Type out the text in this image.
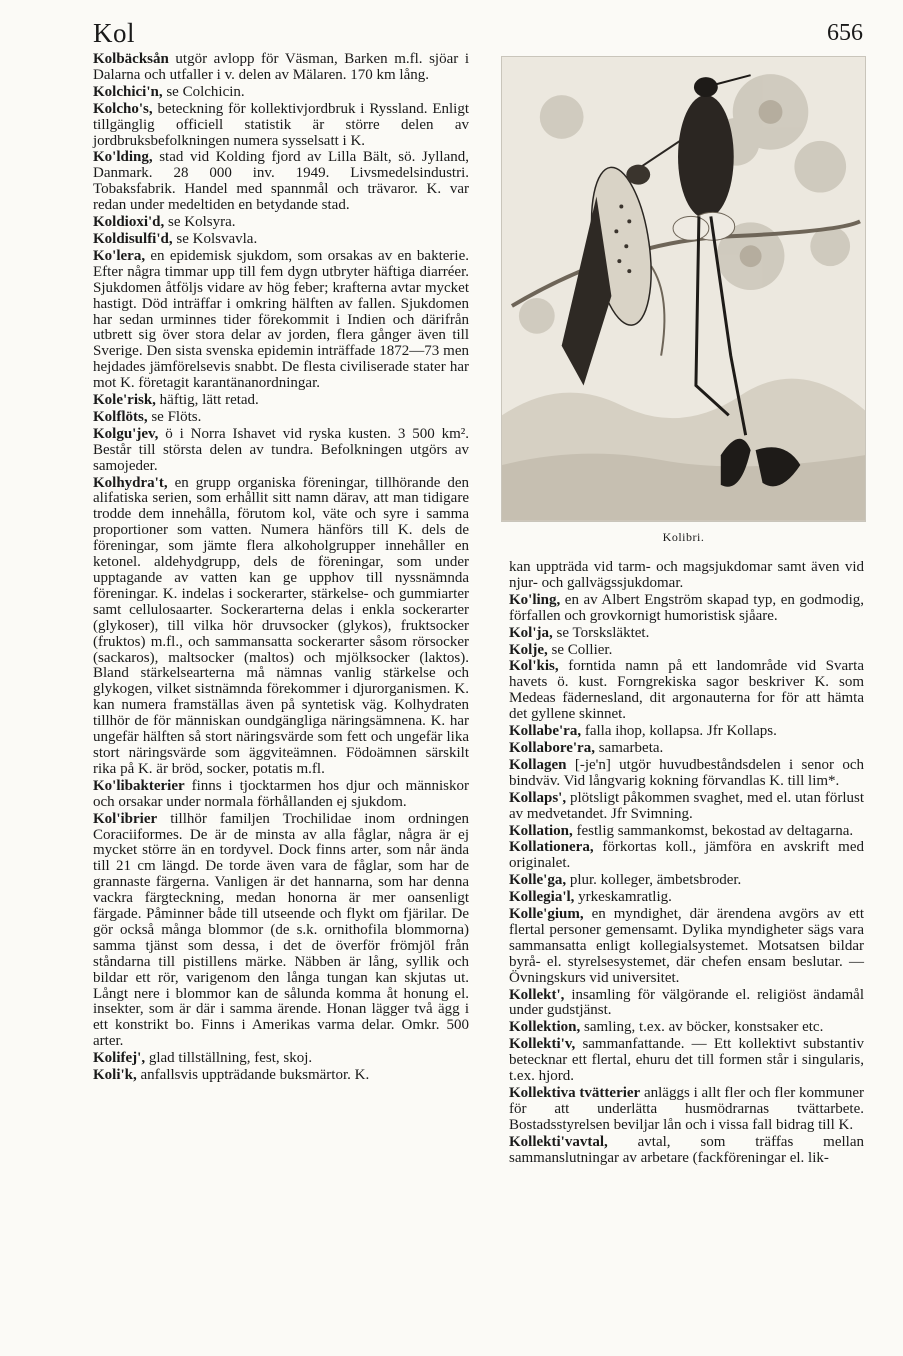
Kol	656
Kolbäcksån utgör avlopp för Väsman, Barken m.fl. sjöar i Dalarna och utfaller i v. delen av Mälaren. 170 km lång.
Kolchici'n, se Colchicin.
Kolcho's, beteckning för kollektivjordbruk i Ryssland. Enligt tillgänglig officiell statistik är större delen av jordbruksbefolkningen numera sysselsatt i K.
Ko'lding, stad vid Kolding fjord av Lilla Bält, sö. Jylland, Danmark. 28 000 inv. 1949. Livsmedelsindustri. Tobaksfabrik. Handel med spannmål och trävaror. K. var redan under medeltiden en betydande stad.
Koldioxi'd, se Kolsyra.
Koldisulfi'd, se Kolsvavla.
Ko'lera, en epidemisk sjukdom, som orsakas av en bakterie. Efter några timmar upp till fem dygn utbryter häftiga diarréer. Sjukdomen åtföljs vidare av hög feber; krafterna avtar mycket hastigt. Död inträffar i omkring hälften av fallen. Sjukdomen har sedan urminnes tider förekommit i Indien och därifrån utbrett sig över stora delar av jorden, flera gånger även till Sverige. Den sista svenska epidemin inträffade 1872—73 men hejdades jämförelsevis snabbt. De flesta civiliserade stater har mot K. företagit karantänanordningar.
Kole'risk, häftig, lätt retad.
Kolflöts, se Flöts.
Kolgu'jev, ö i Norra Ishavet vid ryska kusten. 3 500 km². Består till största delen av tundra. Befolkningen utgörs av samojeder.
Kolhydra't, en grupp organiska föreningar, tillhörande den alifatiska serien, som erhållit sitt namn därav, att man tidigare trodde dem innehålla, förutom kol, väte och syre i samma proportioner som vatten. Numera hänförs till K. dels de föreningar, som jämte flera alkoholgrupper innehåller en ketonel. aldehydgrupp, dels de föreningar, som under upptagande av vatten kan ge upphov till nyssnämnda föreningar. K. indelas i sockerarter, stärkelse- och gummiarter samt cellulosaarter. Sockerarterna delas i enkla sockerarter (glykoser), till vilka hör druvsocker (glykos), fruktsocker (fruktos) m.fl., och sammansatta sockerarter såsom rörsocker (sackaros), maltsocker (maltos) och mjölksocker (laktos). Bland stärkelsearterna må nämnas vanlig stärkelse och glykogen, vilket sistnämnda förekommer i djurorganismen. K. kan numera framställas även på syntetisk väg. Kolhydraten tillhör de för människan oundgängliga näringsämnena. K. har ungefär hälften så stort näringsvärde som fett och ungefär lika stort näringsvärde som äggviteämnen. Födoämnen särskilt rika på K. är bröd, socker, potatis m.fl.
Ko'libakterier finns i tjocktarmen hos djur och människor och orsakar under normala förhållanden ej sjukdom.
Kol'ibrier tillhör familjen Trochilidae inom ordningen Coraciiformes. De är de minsta av alla fåglar, några är ej mycket större än en tordyvel. Dock finns arter, som når ända till 21 cm längd. De torde även vara de fåglar, som har de grannaste färgerna. Vanligen är det hannarna, som har denna vackra färgteckning, medan honorna är mer oansenligt färgade. Påminner både till utseende och flykt om fjärilar. De gör också många blommor (de s.k. ornithofila blommorna) samma tjänst som dessa, i det de överför frömjöl från ståndarna till pistillens märke. Näbben är lång, syllik och bildar ett rör, varigenom den långa tungan kan skjutas ut. Långt nere i blommor kan de sålunda komma åt honung el. insekter, som är där i samma ärende. Honan lägger två ägg i ett konstrikt bo. Finns i Amerikas varma delar. Omkr. 500 arter.
Kolifej', glad tillställning, fest, skoj.
Koli'k, anfallsvis uppträdande buksmärtor. K.
Kolibri.
kan uppträda vid tarm- och magsjukdomar samt även vid njur- och gallvägssjukdomar.
Ko'ling, en av Albert Engström skapad typ, en godmodig, förfallen och grovkornigt humoristisk sjåare.
Kol'ja, se Torsksläktet.
Kolje, se Collier.
Kol'kis, forntida namn på ett landområde vid Svarta havets ö. kust. Forngrekiska sagor beskriver K. som Medeas fädernesland, dit argonauterna for för att hämta det gyllene skinnet.
Kollabe'ra, falla ihop, kollapsa. Jfr Kollaps.
Kollabore'ra, samarbeta.
Kollagen [-je'n] utgör huvudbeståndsdelen i senor och bindväv. Vid långvarig kokning förvandlas K. till lim*.
Kollaps', plötsligt påkommen svaghet, med el. utan förlust av medvetandet. Jfr Svimning.
Kollation, festlig sammankomst, bekostad av deltagarna.
Kollationera, förkortas koll., jämföra en avskrift med originalet.
Kolle'ga, plur. kolleger, ämbetsbroder.
Kollegia'l, yrkeskamratlig.
Kolle'gium, en myndighet, där ärendena avgörs av ett flertal personer gemensamt. Dylika myndigheter sägs vara sammansatta enligt kollegialsystemet. Motsatsen bildar byrå- el. styrelsesystemet, där chefen ensam beslutar. — Övningskurs vid universitet.
Kollekt', insamling för välgörande el. religiöst ändamål under gudstjänst.
Kollektion, samling, t.ex. av böcker, konstsaker etc.
Kollekti'v, sammanfattande. — Ett kollektivt substantiv betecknar ett flertal, ehuru det till formen står i singularis, t.ex. hjord.
Kollektiva tvätterier anläggs i allt fler och fler kommuner för att underlätta husmödrarnas tvättarbete. Bostadsstyrelsen beviljar lån och i vissa fall bidrag till K.
Kollekti'vavtal, avtal, som träffas mellan sammanslutningar av arbetare (fackföreningar el. lik-
